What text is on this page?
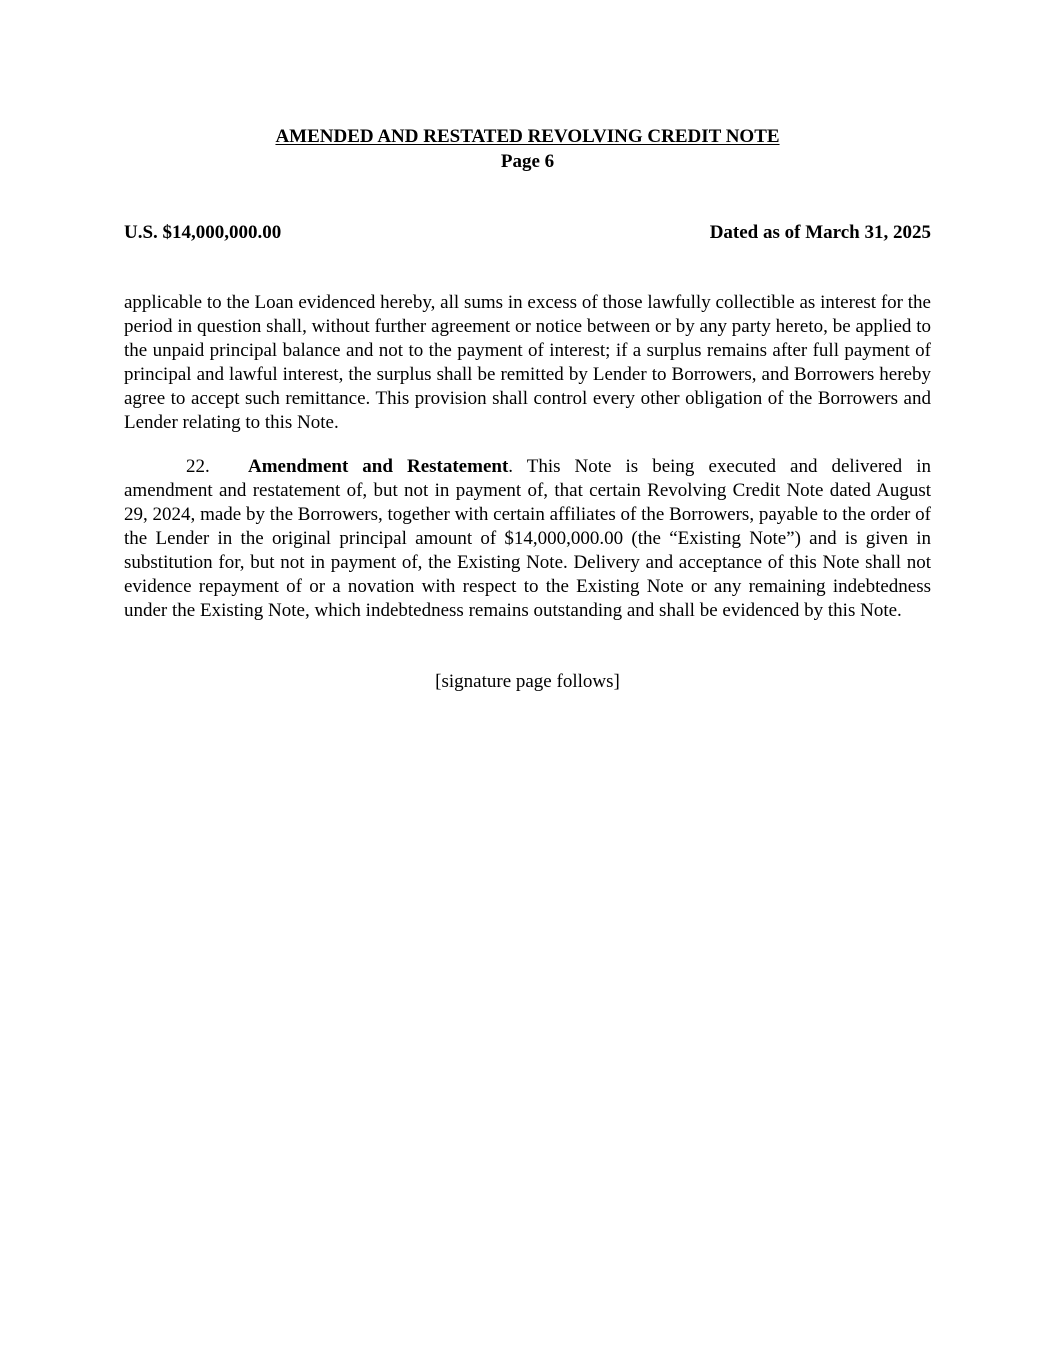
AMENDED AND RESTATED REVOLVING CREDIT NOTE
Page 6
U.S. $14,000,000.00	Dated as of March 31, 2025
applicable to the Loan evidenced hereby, all sums in excess of those lawfully collectible as interest for the period in question shall, without further agreement or notice between or by any party hereto, be applied to the unpaid principal balance and not to the payment of interest; if a surplus remains after full payment of principal and lawful interest, the surplus shall be remitted by Lender to Borrowers, and Borrowers hereby agree to accept such remittance. This provision shall control every other obligation of the Borrowers and Lender relating to this Note.
22. Amendment and Restatement. This Note is being executed and delivered in amendment and restatement of, but not in payment of, that certain Revolving Credit Note dated August 29, 2024, made by the Borrowers, together with certain affiliates of the Borrowers, payable to the order of the Lender in the original principal amount of $14,000,000.00 (the “Existing Note”) and is given in substitution for, but not in payment of, the Existing Note. Delivery and acceptance of this Note shall not evidence repayment of or a novation with respect to the Existing Note or any remaining indebtedness under the Existing Note, which indebtedness remains outstanding and shall be evidenced by this Note.
[signature page follows]
